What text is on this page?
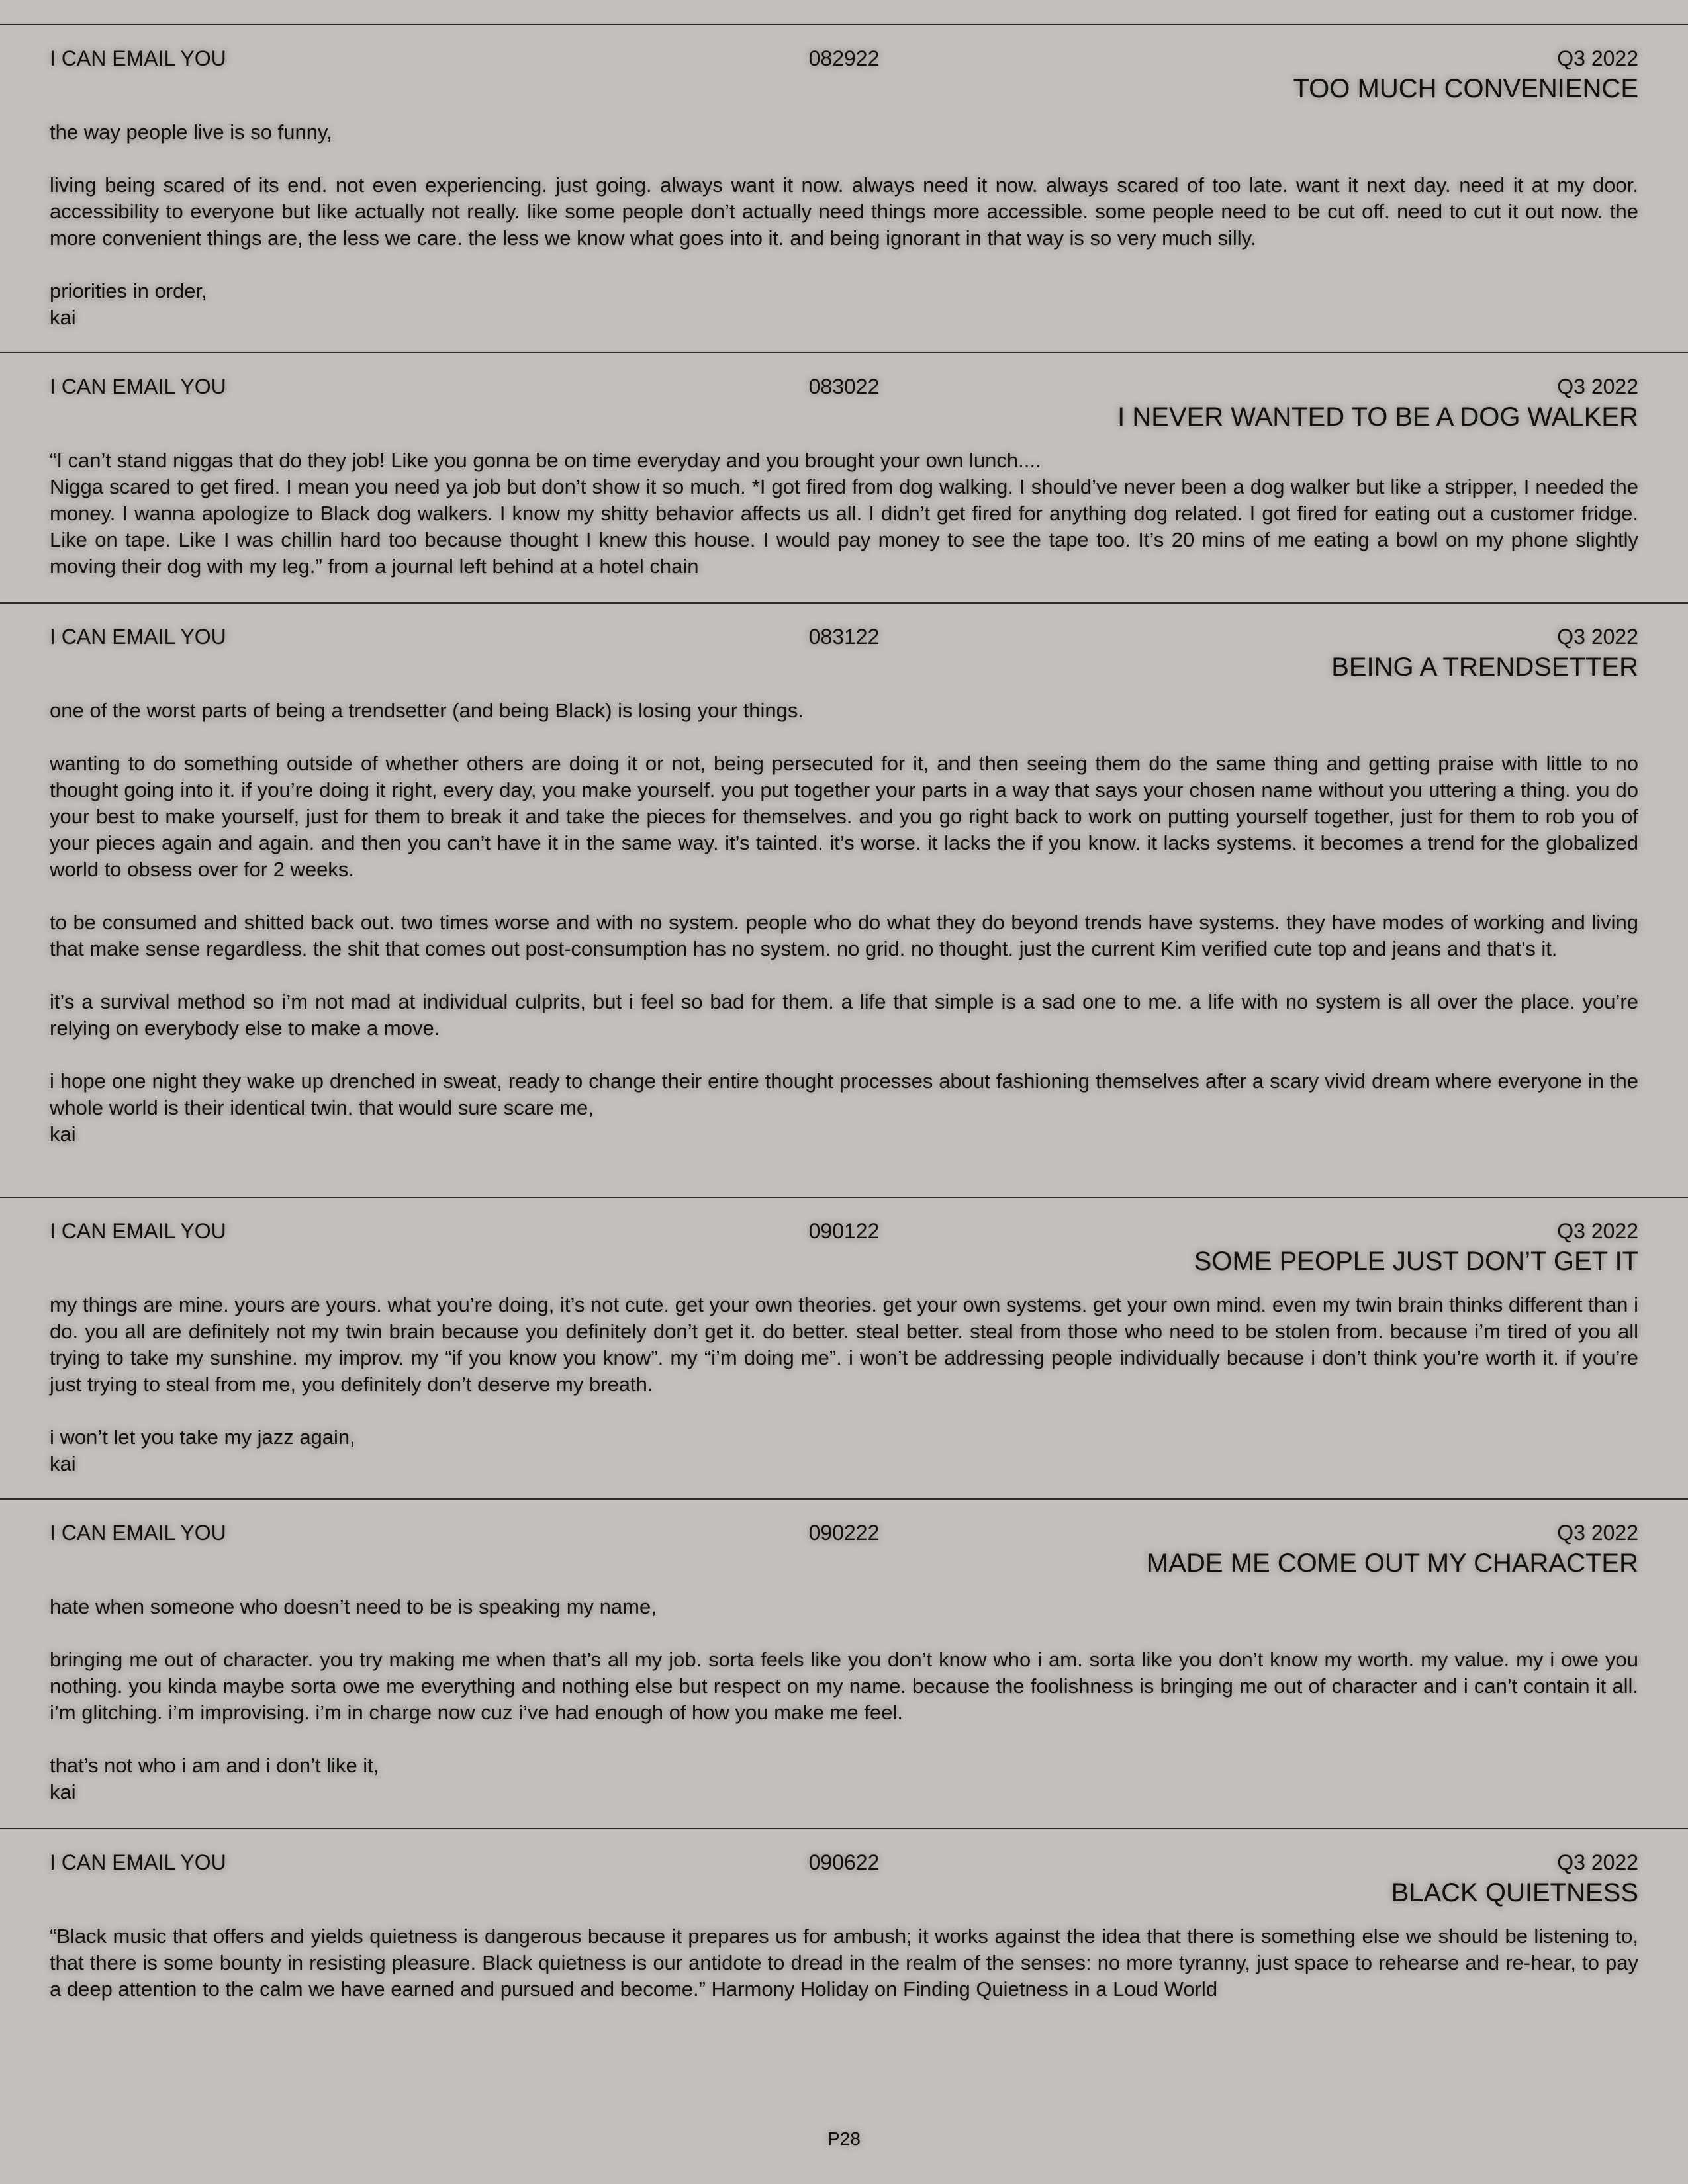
I CAN EMAIL YOU	082922	Q3 2022
TOO MUCH CONVENIENCE

the way people live is so funny,

living being scared of its end. not even experiencing. just going. always want it now. always need it now. always scared of too late. want it next day. need it at my door. accessibility to everyone but like actually not really. like some people don’t actually need things more accessible. some people need to be cut off. need to cut it out now. the more convenient things are, the less we care. the less we know what goes into it. and being ignorant in that way is so very much silly.

priorities in order,
kai

I CAN EMAIL YOU	083022	Q3 2022
I NEVER WANTED TO BE A DOG WALKER

“I can’t stand niggas that do they job! Like you gonna be on time everyday and you brought your own lunch....

Nigga scared to get fired. I mean you need ya job but don’t show it so much. *I got fired from dog walking. I should’ve never been a dog walker but like a stripper, I needed the money. I wanna apologize to Black dog walkers. I know my shitty behavior affects us all. I didn’t get fired for anything dog related. I got fired for eating out a customer fridge. Like on tape. Like I was chillin hard too because thought I knew this house. I would pay money to see the tape too. It’s 20 mins of me eating a bowl on my phone slightly moving their dog with my leg.” from a journal left behind at a hotel chain

I CAN EMAIL YOU	083122	Q3 2022
BEING A TRENDSETTER

one of the worst parts of being a trendsetter (and being Black) is losing your things.

wanting to do something outside of whether others are doing it or not, being persecuted for it, and then seeing them do the same thing and getting praise with little to no thought going into it. if you’re doing it right, every day, you make yourself. you put together your parts in a way that says your chosen name without you uttering a thing. you do your best to make yourself, just for them to break it and take the pieces for themselves. and you go right back to work on putting yourself together, just for them to rob you of your pieces again and again. and then you can’t have it in the same way. it’s tainted. it’s worse. it lacks the if you know. it lacks systems. it becomes a trend for the globalized world to obsess over for 2 weeks.

to be consumed and shitted back out. two times worse and with no system. people who do what they do beyond trends have systems. they have modes of working and living that make sense regardless. the shit that comes out post-consumption has no system. no grid. no thought. just the current Kim verified cute top and jeans and that’s it.

it’s a survival method so i’m not mad at individual culprits, but i feel so bad for them. a life that simple is a sad one to me. a life with no system is all over the place. you’re relying on everybody else to make a move.

i hope one night they wake up drenched in sweat, ready to change their entire thought processes about fashioning themselves after a scary vivid dream where everyone in the whole world is their identical twin. that would sure scare me,
kai

I CAN EMAIL YOU	090122	Q3 2022
SOME PEOPLE JUST DON’T GET IT

my things are mine. yours are yours. what you’re doing, it’s not cute. get your own theories. get your own systems. get your own mind. even my twin brain thinks different than i do. you all are definitely not my twin brain because you definitely don’t get it. do better. steal better. steal from those who need to be stolen from. because i’m tired of you all trying to take my sunshine. my improv. my “if you know you know”. my “i’m doing me”. i won’t be addressing people individually because i don’t think you’re worth it. if you’re just trying to steal from me, you definitely don’t deserve my breath.

i won’t let you take my jazz again,
kai

I CAN EMAIL YOU	090222	Q3 2022
MADE ME COME OUT MY CHARACTER

hate when someone who doesn’t need to be is speaking my name,

bringing me out of character. you try making me when that’s all my job. sorta feels like you don’t know who i am. sorta like you don’t know my worth. my value. my i owe you nothing. you kinda maybe sorta owe me everything and nothing else but respect on my name. because the foolishness is bringing me out of character and i can’t contain it all. i’m glitching. i’m improvising. i’m in charge now cuz i’ve had enough of how you make me feel.

that’s not who i am and i don’t like it,
kai

I CAN EMAIL YOU	090622	Q3 2022
BLACK QUIETNESS

“Black music that offers and yields quietness is dangerous because it prepares us for ambush; it works against the idea that there is something else we should be listening to, that there is some bounty in resisting pleasure. Black quietness is our antidote to dread in the realm of the senses: no more tyranny, just space to rehearse and re-hear, to pay a deep attention to the calm we have earned and pursued and become.” Harmony Holiday on Finding Quietness in a Loud World

P28
